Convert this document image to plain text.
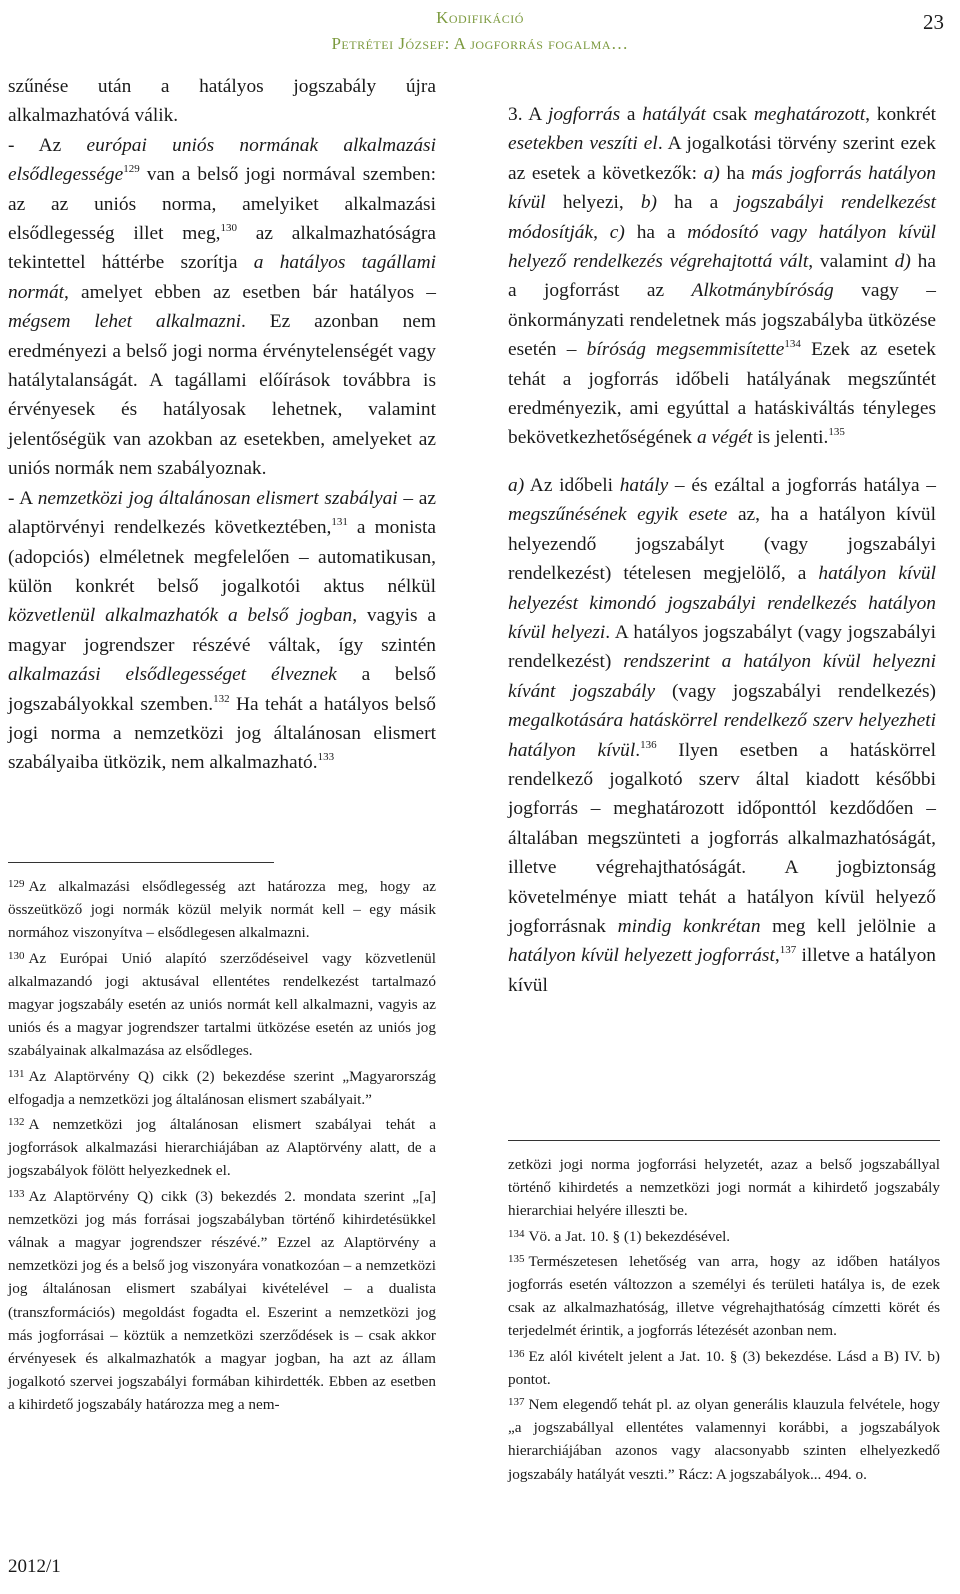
Kodifikáció
Petrétei József: A jogforrás fogalma…
23

szűnése után a hatályos jogszabály újra alkalmazhatóvá válik.

- Az európai uniós normának alkalmazási elsődlegessége$^{129}$ van a belső jogi normával szemben: az az uniós norma, amelyiket alkalmazási elsődlegesség illet meg,$^{130}$ az alkalmazhatóságra tekintettel háttérbe szorítja a hatályos tagállami normát, amelyet ebben az esetben bár hatályos – mégsem lehet alkalmazni. Ez azonban nem eredményezi a belső jogi norma érvénytelenségét vagy hatálytalanságát. A tagállami előírások továbbra is érvényesek és hatályosak lehetnek, valamint jelentőségük van azokban az esetekben, amelyeket az uniós normák nem szabályoznak.

- A nemzetközi jog általánosan elismert szabályai – az alaptörvényi rendelkezés következtében,$^{131}$ a monista (adopciós) elméletnek megfelelően – automatikusan, külön konkrét belső jogalkotói aktus nélkül közvetlenül alkalmazhatók a belső jogban, vagyis a magyar jogrendszer részévé váltak, így szintén alkalmazási elsődlegességet élveznek a belső jogszabályokkal szemben.$^{132}$ Ha tehát a hatályos belső jogi norma a nemzetközi jog általánosan elismert szabályaiba ütközik, nem alkalmazható.$^{133}$

$^{129}$ Az alkalmazási elsődlegesség azt határozza meg, hogy az összeütköző jogi normák közül melyik normát kell – egy másik normához viszonyítva – elsődlegesen alkalmazni.

$^{130}$ Az Európai Unió alapító szerződéseivel vagy közvetlenül alkalmazandó jogi aktusával ellentétes rendelkezést tartalmazó magyar jogszabály esetén az uniós normát kell alkalmazni, vagyis az uniós és a magyar jogrendszer tartalmi ütközése esetén az uniós jog szabályainak alkalmazása az elsődleges.

$^{131}$ Az Alaptörvény Q) cikk (2) bekezdése szerint „Magyarország elfogadja a nemzetközi jog általánosan elismert szabályait.”

$^{132}$ A nemzetközi jog általánosan elismert szabályai tehát a jogforrások alkalmazási hierarchiájában az Alaptörvény alatt, de a jogszabályok fölött helyezkednek el.

$^{133}$ Az Alaptörvény Q) cikk (3) bekezdés 2. mondata szerint „[a] nemzetközi jog más forrásai jogszabályban történő kihirdetésükkel válnak a magyar jogrendszer részévé.” Ezzel az Alaptörvény a nemzetközi jog és a belső jog viszonyára vonatkozóan – a nemzetközi jog általánosan elismert szabályai kivételével – a dualista (transzformációs) megoldást fogadta el. Eszerint a nemzetközi jog más jogforrásai – köztük a nemzetközi szerződések is – csak akkor érvényesek és alkalmazhatók a magyar jogban, ha azt az állam jogalkotó szervei jogszabályi formában kihirdették. Ebben az esetben a kihirdető jogszabály határozza meg a nem-

3. A jogforrás a hatályát csak meghatározott, konkrét esetekben veszíti el. A jogalkotási törvény szerint ezek az esetek a következők: a) ha más jogforrás hatályon kívül helyezi, b) ha a jogszabályi rendelkezést módosítják, c) ha a módosító vagy hatályon kívül helyező rendelkezés végrehajtottá vált, valamint d) ha a jogforrást az Alkotmánybíróság vagy – önkormányzati rendeletnek más jogszabályba ütközése esetén – bíróság megsemmisítette$^{134}$ Ezek az esetek tehát a jogforrás időbeli hatályának megszűntét eredményezik, ami egyúttal a hatáskiváltás tényleges bekövetkezhetőségének a végét is jelenti.$^{135}$

a) Az időbeli hatály – és ezáltal a jogforrás hatálya – megszűnésének egyik esete az, ha a hatályon kívül helyezendő jogszabályt (vagy jogszabályi rendelkezést) tételesen megjelölő, a hatályon kívül helyezést kimondó jogszabályi rendelkezés hatályon kívül helyezi. A hatályos jogszabályt (vagy jogszabályi rendelkezést) rendszerint a hatályon kívül helyezni kívánt jogszabály (vagy jogszabályi rendelkezés) megalkotására hatáskörrel rendelkező szerv helyezheti hatályon kívül.$^{136}$ Ilyen esetben a hatáskörrel rendelkező jogalkotó szerv által kiadott későbbi jogforrás – meghatározott időponttól kezdődően – általában megszünteti a jogforrás alkalmazhatóságát, illetve végrehajthatóságát. A jogbiztonság követelménye miatt tehát a hatályon kívül helyező jogforrásnak mindig konkrétan meg kell jelölnie a hatályon kívül helyezett jogforrást,$^{137}$ illetve a hatályon kívül

zetközi jogi norma jogforrási helyzetét, azaz a belső jogszabállyal történő kihirdetés a nemzetközi jogi normát a kihirdető jogszabály hierarchiai helyére illeszti be.

$^{134}$ Vö. a Jat. 10. § (1) bekezdésével.

$^{135}$ Természetesen lehetőség van arra, hogy az időben hatályos jogforrás esetén változzon a személyi és területi hatálya is, de ezek csak az alkalmazhatóság, illetve végrehajthatóság címzetti körét és terjedelmét érintik, a jogforrás létezését azonban nem.

$^{136}$ Ez alól kivételt jelent a Jat. 10. § (3) bekezdése. Lásd a B) IV. b) pontot.

$^{137}$ Nem elegendő tehát pl. az olyan generális klauzula felvétele, hogy „a jogszabállyal ellentétes valamennyi korábbi, a jogszabályok hierarchiájában azonos vagy alacsonyabb szinten elhelyezkedő jogszabály hatályát veszti.” Rácz: A jogszabályok... 494. o.

2012/1
